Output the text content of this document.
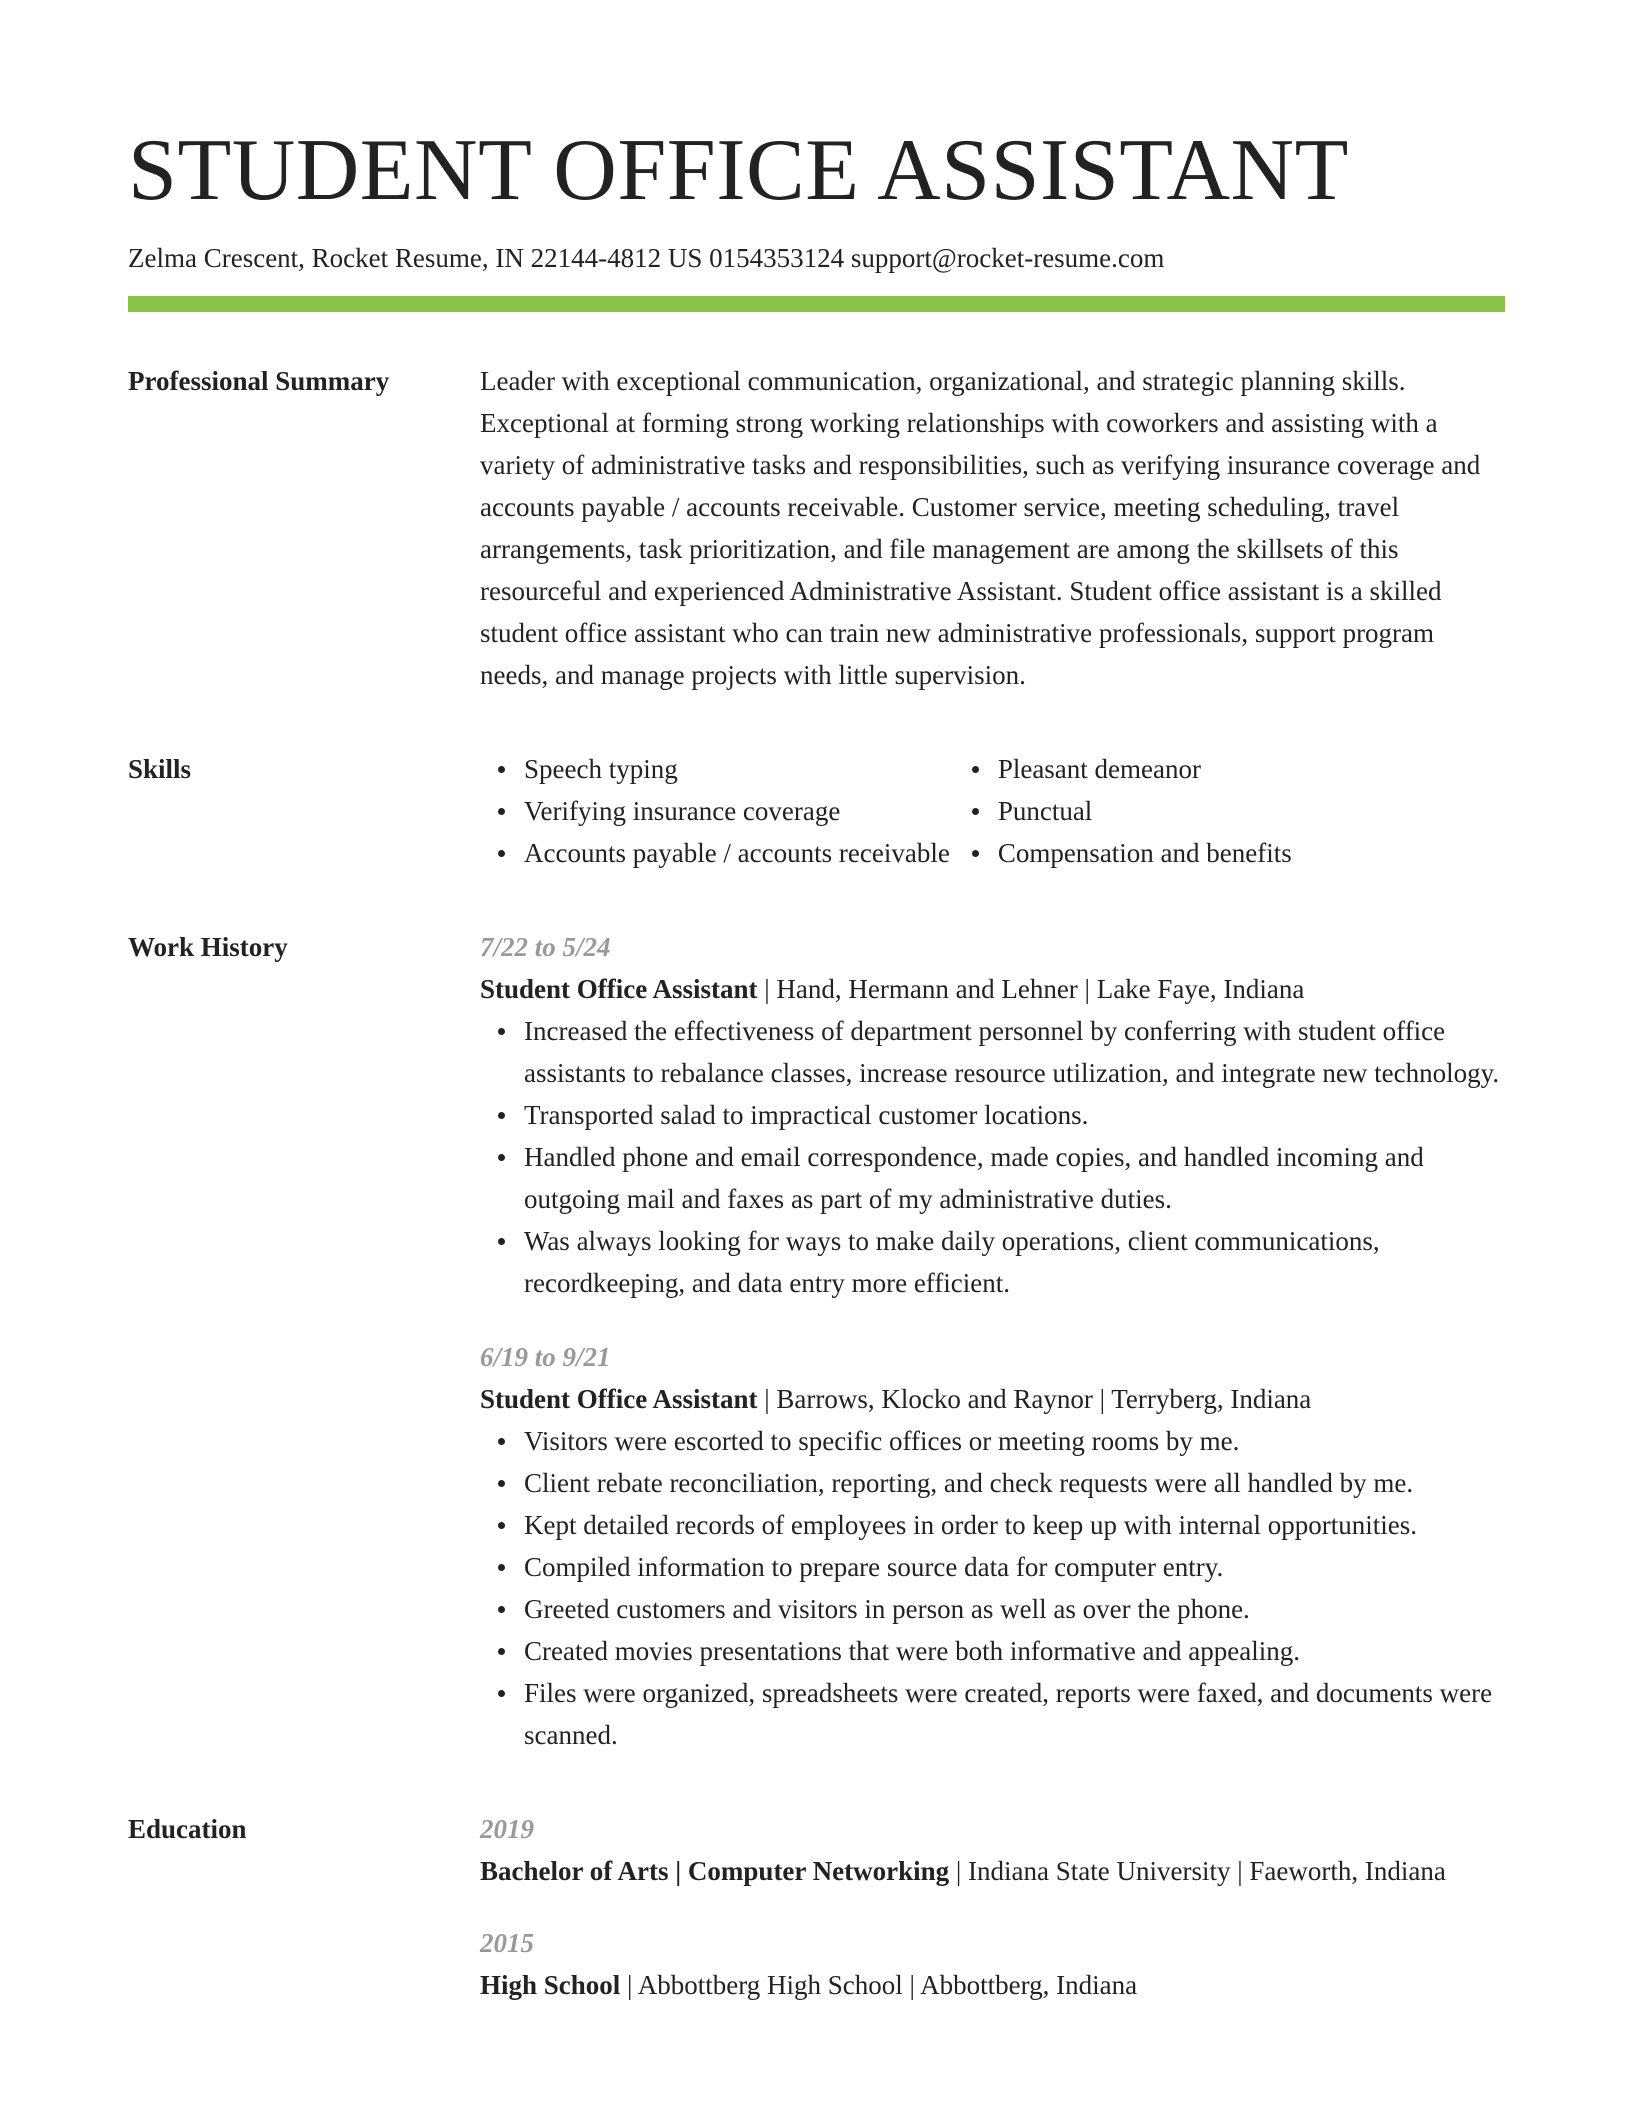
STUDENT OFFICE ASSISTANT
Zelma Crescent, Rocket Resume, IN 22144-4812 US 0154353124 support@rocket-resume.com
Professional Summary	Leader with exceptional communication, organizational, and strategic planning skills. Exceptional at forming strong working relationships with coworkers and assisting with a variety of administrative tasks and responsibilities, such as verifying insurance coverage and accounts payable / accounts receivable. Customer service, meeting scheduling, travel arrangements, task prioritization, and file management are among the skillsets of this resourceful and experienced Administrative Assistant. Student office assistant is a skilled student office assistant who can train new administrative professionals, support program needs, and manage projects with little supervision.

Skills	Speech typing
Verifying insurance coverage
Accounts payable / accounts receivable
Pleasant demeanor
Punctual
Compensation and benefits
Work History	7/22 to 5/24
Student Office Assistant | Hand, Hermann and Lehner | Lake Faye, Indiana
Increased the effectiveness of department personnel by conferring with student office assistants to rebalance classes, increase resource utilization, and integrate new technology.
Transported salad to impractical customer locations.
Handled phone and email correspondence, made copies, and handled incoming and outgoing mail and faxes as part of my administrative duties.
Was always looking for ways to make daily operations, client communications, recordkeeping, and data entry more efficient.
6/19 to 9/21
Student Office Assistant | Barrows, Klocko and Raynor | Terryberg, Indiana
Visitors were escorted to specific offices or meeting rooms by me.
Client rebate reconciliation, reporting, and check requests were all handled by me.
Kept detailed records of employees in order to keep up with internal opportunities.
Compiled information to prepare source data for computer entry.
Greeted customers and visitors in person as well as over the phone.
Created movies presentations that were both informative and appealing.
Files were organized, spreadsheets were created, reports were faxed, and documents were scanned.
Education	2019
Bachelor of Arts | Computer Networking | Indiana State University | Faeworth, Indiana
2015
High School | Abbottberg High School | Abbottberg, Indiana
